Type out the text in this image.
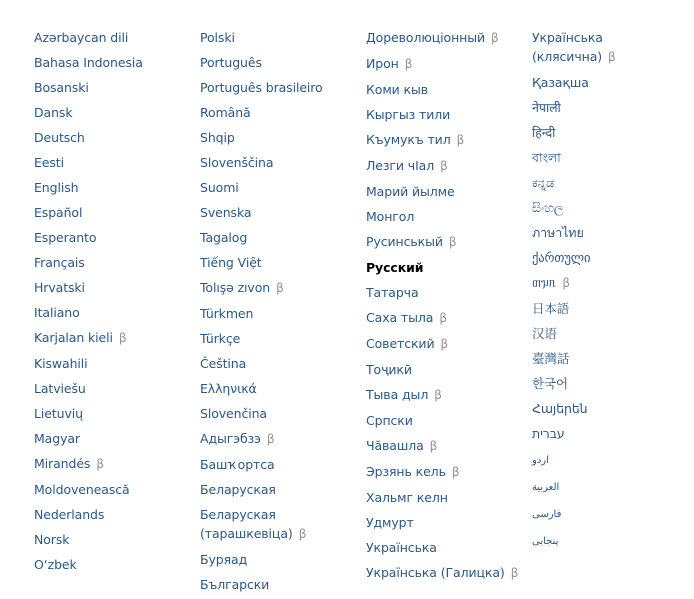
Azərbaycan dili
Bahasa Indonesia
Bosanski
Dansk
Deutsch
Eesti
English
Español
Esperanto
Français
Hrvatski
Italiano
Karjalan kieli β
Kiswahili
Latviešu
Lietuvių
Magyar
Mirandés β
Moldovenească
Nederlands
Norsk
O‘zbek
Polski
Português
Português brasileiro
Română
Shqip
Slovenščina
Suomi
Svenska
Tagalog
Tiếng Việt
Tolışə zıvon β
Türkmen
Türkçe
Čeština
Ελληνικά
Slovenčina
Адыгэбзэ β
Башҡортса
Беларуская
Беларуская (тарашкевіца) β
Буряад
Български
Дореволюціонный β
Ирон β
Коми кыв
Кыргыз тили
Къумукъ тил β
Лезги чIал β
Марий йылме
Монгол
Русинськый β
Русский
Татарча
Саха тыла β
Советский β
Тоҷикӣ
Тыва дыл β
Српски
Чăвашла β
Эрзянь кель β
Хальмг келн
Удмурт
Українська
Українська (Галицка) β
Українська (клясична) β
Қазақша
नेपाली
हिन्दी
বাংলা
ಕನ್ನಡ
සිංහල
ภาษาไทย
ქართული
ᥖᥭᥰ β
日本語
汉语
臺灣話
한국어
Հայերեն
עברית
اردو
العربية
فارسی
پنجابی
